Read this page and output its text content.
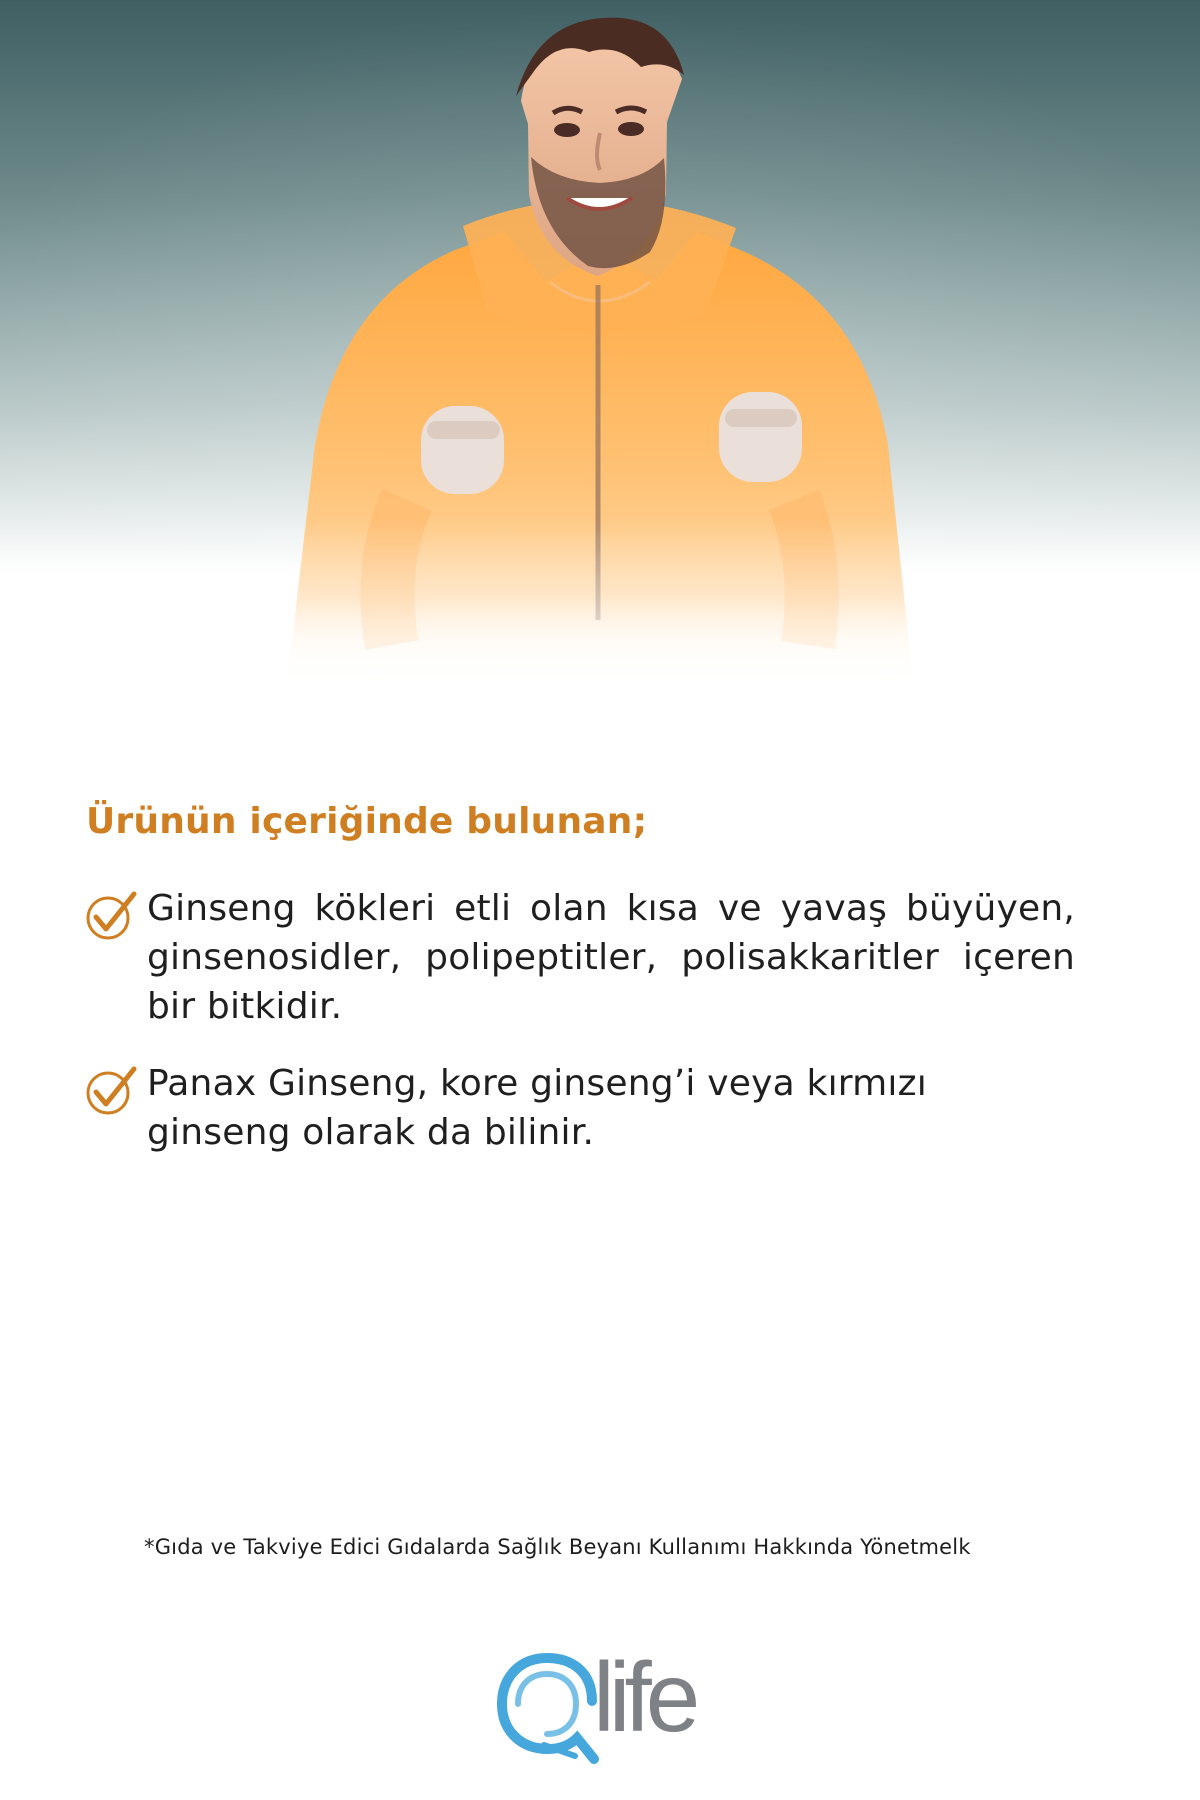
Ürünün içeriğinde bulunan;

Ginseng kökleri etli olan kısa ve yavaş büyüyen, ginsenosidler, polipeptitler, polisakkaritler içeren bir bitkidir.

Panax Ginseng, kore ginseng’i veya kırmızı ginseng olarak da bilinir.

*Gıda ve Takviye Edici Gıdalarda Sağlık Beyanı Kullanımı Hakkında Yönetmelk

life
